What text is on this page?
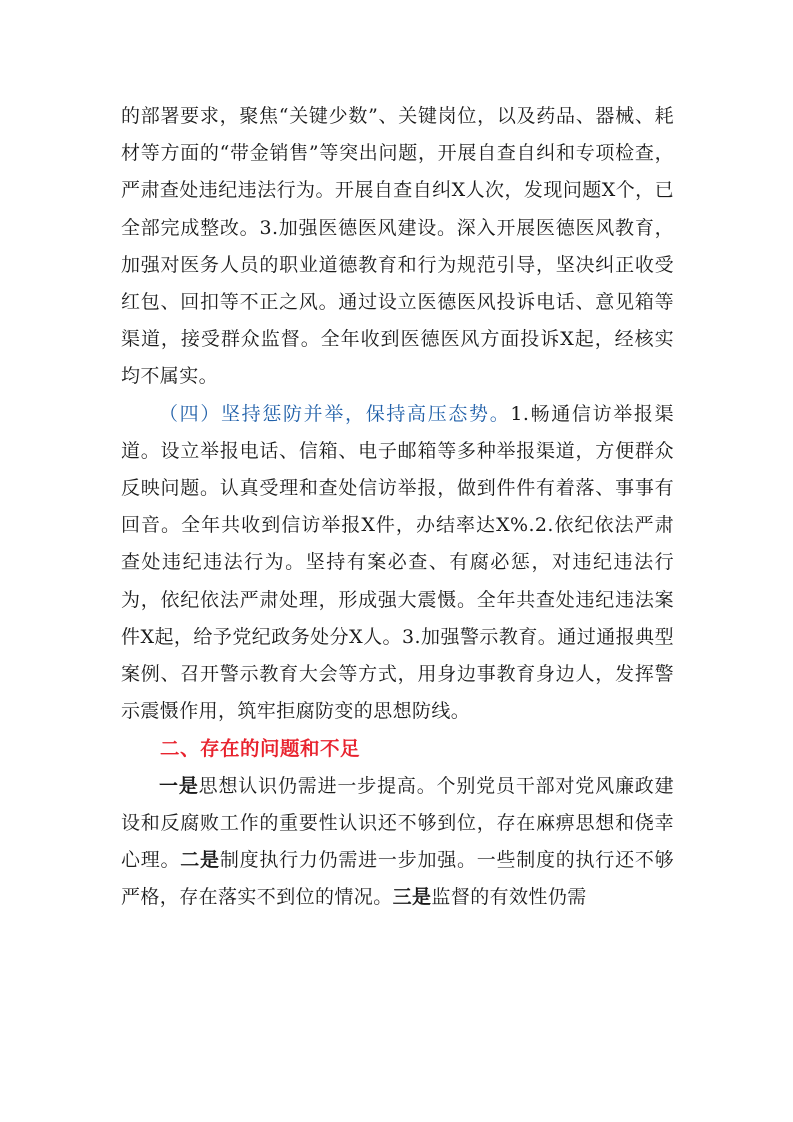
的部署要求，聚焦“关键少数”、关键岗位，以及药品、器械、耗材等方面的“带金销售”等突出问题，开展自查自纠和专项检查，严肃查处违纪违法行为。开展自查自纠X人次，发现问题X个，已全部完成整改。3.加强医德医风建设。深入开展医德医风教育，加强对医务人员的职业道德教育和行为规范引导，坚决纠正收受红包、回扣等不正之风。通过设立医德医风投诉电话、意见箱等渠道，接受群众监督。全年收到医德医风方面投诉X起，经核实均不属实。

（四）坚持惩防并举，保持高压态势。1.畅通信访举报渠道。设立举报电话、信箱、电子邮箱等多种举报渠道，方便群众反映问题。认真受理和查处信访举报，做到件件有着落、事事有回音。全年共收到信访举报X件，办结率达X%.2.依纪依法严肃查处违纪违法行为。坚持有案必查、有腐必惩，对违纪违法行为，依纪依法严肃处理，形成强大震慑。全年共查处违纪违法案件X起，给予党纪政务处分X人。3.加强警示教育。通过通报典型案例、召开警示教育大会等方式，用身边事教育身边人，发挥警示震慑作用，筑牢拒腐防变的思想防线。

二、存在的问题和不足

一是思想认识仍需进一步提高。个别党员干部对党风廉政建设和反腐败工作的重要性认识还不够到位，存在麻痹思想和侥幸心理。二是制度执行力仍需进一步加强。一些制度的执行还不够严格，存在落实不到位的情况。三是监督的有效性仍需
